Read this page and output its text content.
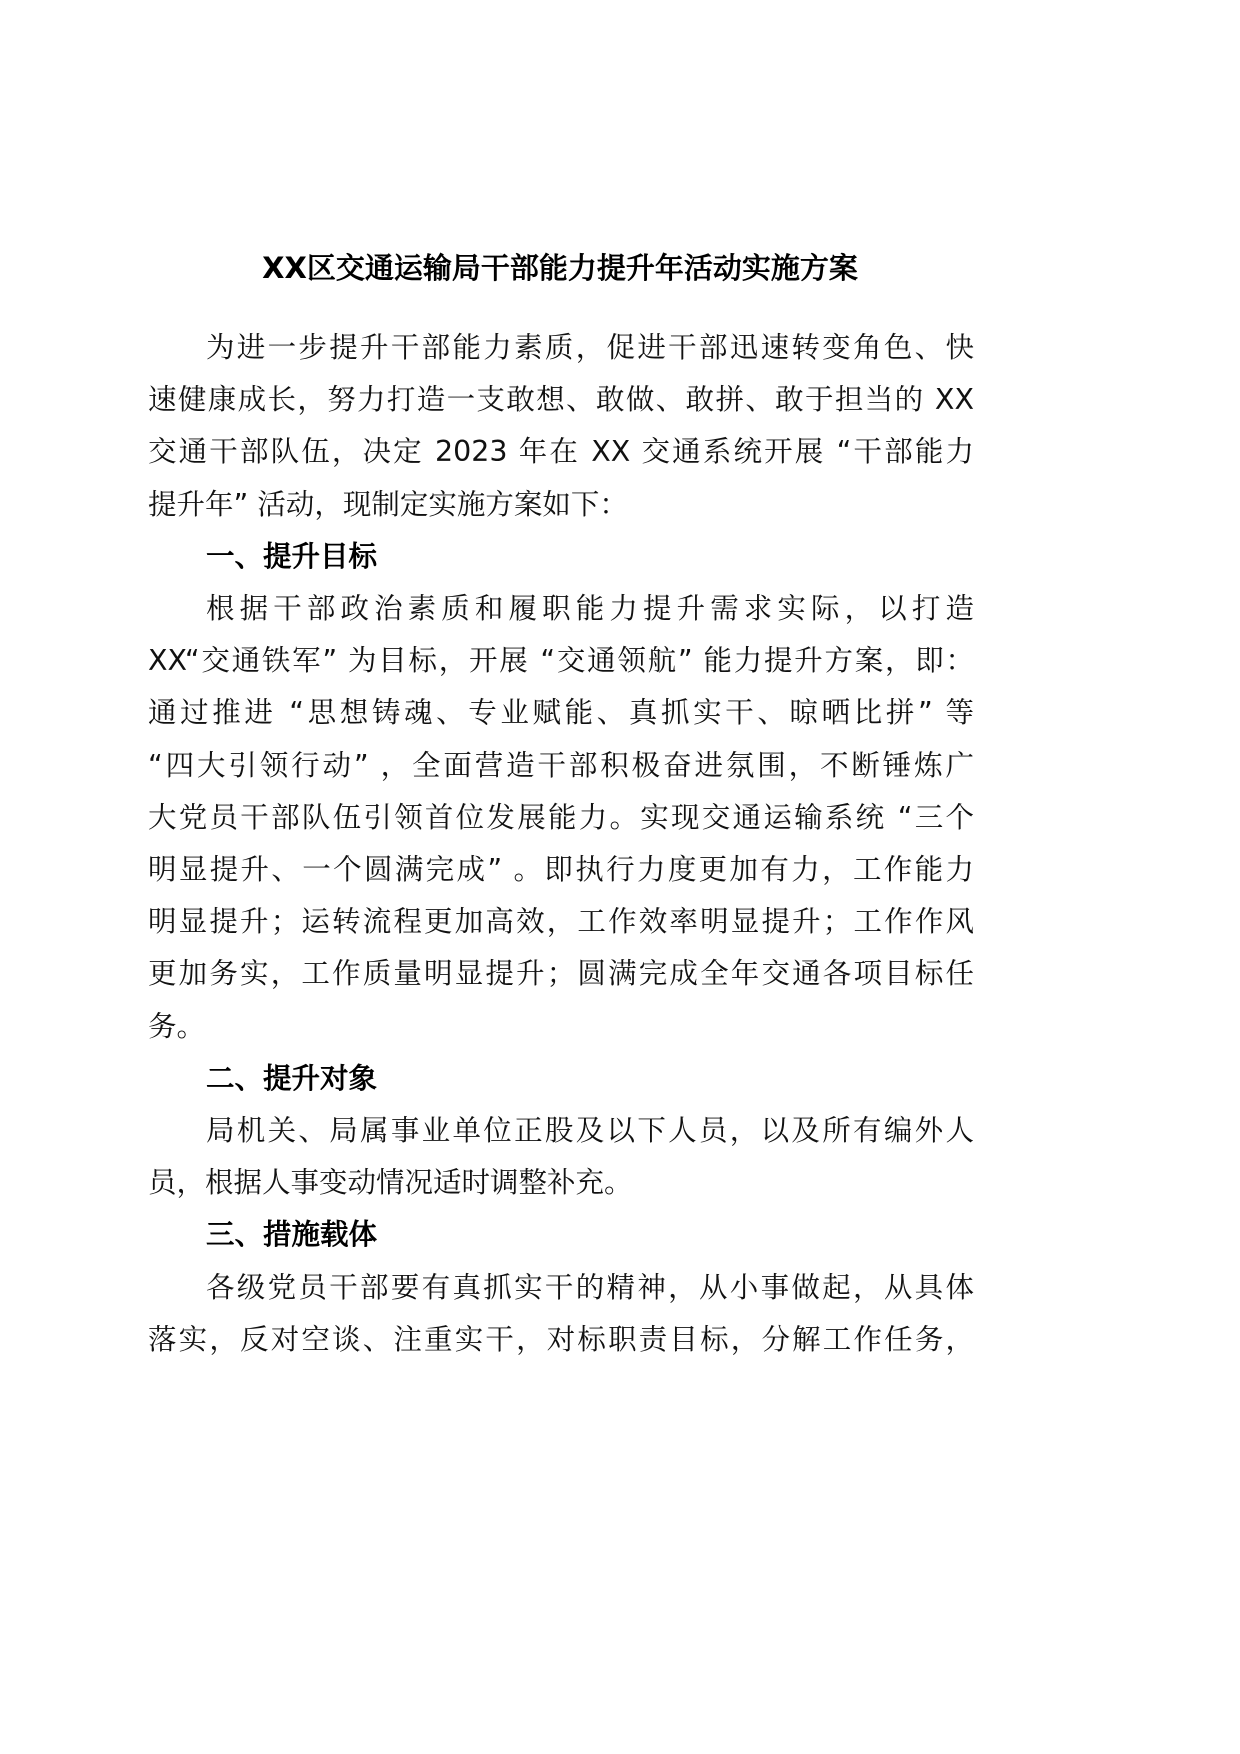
XX区交通运输局干部能力提升年活动实施方案
为进一步提升干部能力素质，促进干部迅速转变角色、快
速健康成长，努力打造一支敢想、敢做、敢拼、敢于担当的 XX
交通干部队伍，决定 2023 年在 XX 交通系统开展 “干部能力
提升年” 活动，现制定实施方案如下：
一、提升目标
根据干部政治素质和履职能力提升需求实际，以打造
XX“交通铁军” 为目标，开展 “交通领航” 能力提升方案，即：
通过推进 “思想铸魂、专业赋能、真抓实干、晾晒比拼” 等
“四大引领行动” ，全面营造干部积极奋进氛围，不断锤炼广
大党员干部队伍引领首位发展能力。实现交通运输系统 “三个
明显提升、一个圆满完成” 。即执行力度更加有力，工作能力
明显提升；运转流程更加高效，工作效率明显提升；工作作风
更加务实，工作质量明显提升；圆满完成全年交通各项目标任
务。
二、提升对象
局机关、局属事业单位正股及以下人员，以及所有编外人
员，根据人事变动情况适时调整补充。
三、措施载体
各级党员干部要有真抓实干的精神，从小事做起，从具体
落实，反对空谈、注重实干，对标职责目标，分解工作任务，
